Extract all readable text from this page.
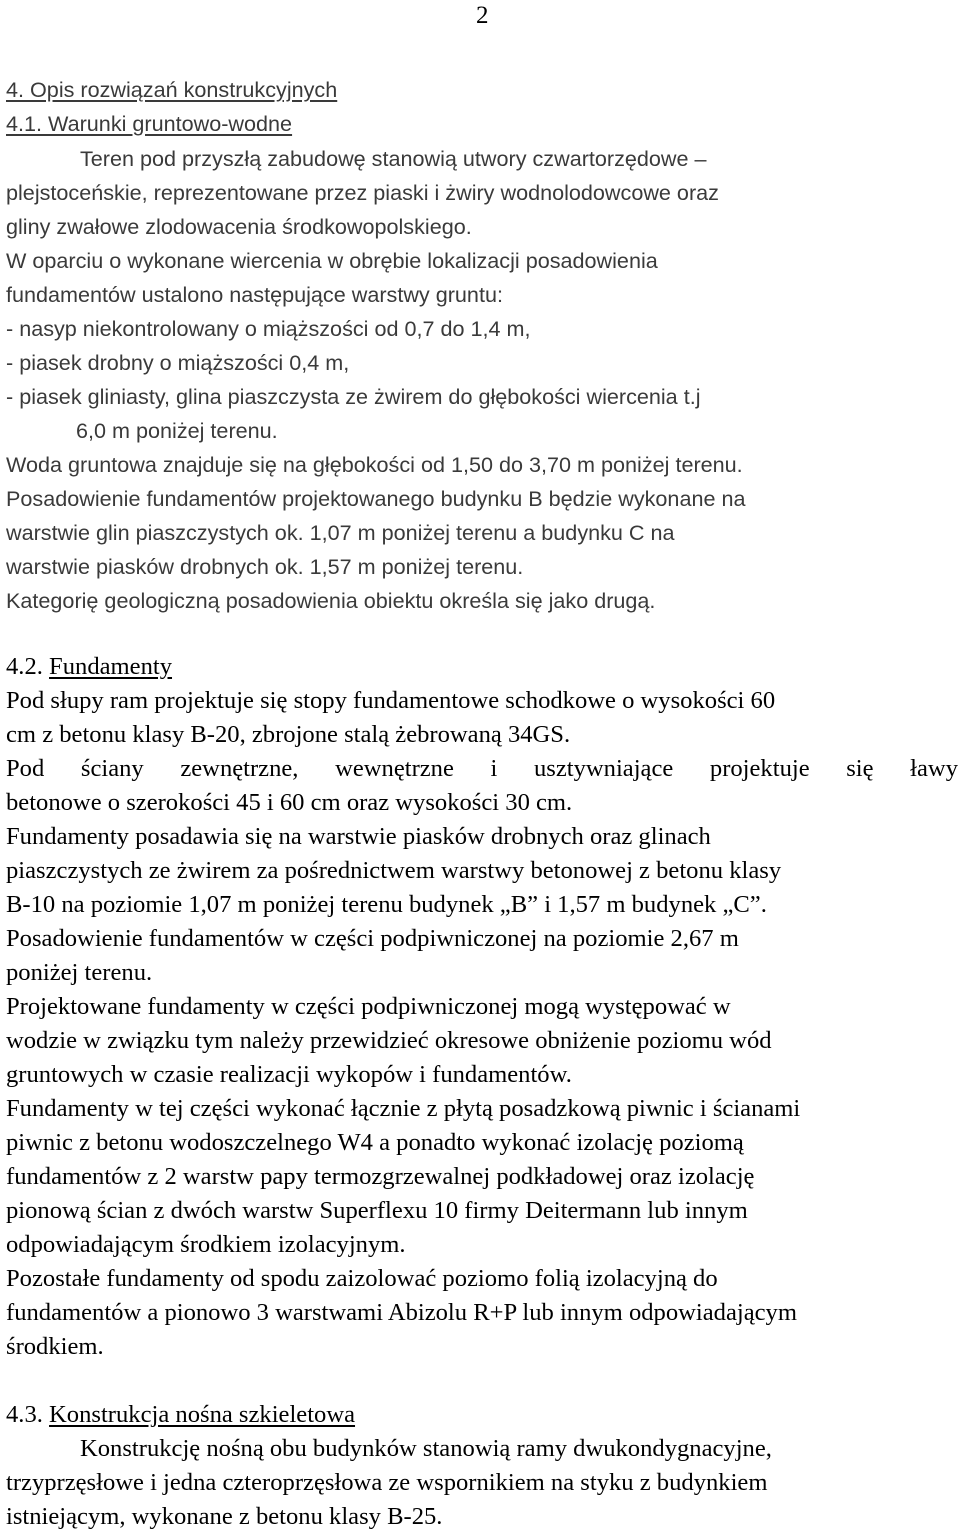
2
4. Opis rozwiązań konstrukcyjnych
4.1. Warunki gruntowo-wodne
Teren pod przyszłą zabudowę stanowią utwory czwartorzędowe –
plejstoceńskie, reprezentowane przez piaski i żwiry wodnolodowcowe oraz
gliny zwałowe zlodowacenia środkowopolskiego.
W oparciu o wykonane wiercenia w obrębie lokalizacji posadowienia
fundamentów ustalono następujące warstwy gruntu:
- nasyp niekontrolowany o miąższości od 0,7 do 1,4 m,
- piasek drobny o miąższości 0,4 m,
- piasek gliniasty, glina piaszczysta ze żwirem do głębokości wiercenia t.j
6,0 m poniżej terenu.
Woda gruntowa znajduje się na głębokości od 1,50 do 3,70 m poniżej terenu.
Posadowienie fundamentów projektowanego budynku B będzie wykonane na
warstwie glin piaszczystych ok. 1,07 m poniżej terenu a budynku C na
warstwie piasków drobnych ok. 1,57 m poniżej terenu.
Kategorię geologiczną posadowienia obiektu określa się jako drugą.
4.2. Fundamenty
Pod słupy ram projektuje się stopy fundamentowe schodkowe o wysokości 60
cm z betonu klasy B-20, zbrojone stalą żebrowaną 34GS.
Pod ściany zewnętrzne, wewnętrzne i usztywniające projektuje się ławy
betonowe o szerokości 45 i 60 cm oraz wysokości 30 cm.
Fundamenty posadawia się na warstwie piasków drobnych oraz glinach
piaszczystych ze żwirem za pośrednictwem warstwy betonowej z betonu klasy
B-10 na poziomie 1,07 m poniżej terenu budynek „B” i 1,57 m budynek „C”.
Posadowienie fundamentów w części podpiwniczonej na poziomie 2,67 m
poniżej terenu.
Projektowane fundamenty w części podpiwniczonej mogą występować w
wodzie w związku tym należy przewidzieć okresowe obniżenie poziomu wód
gruntowych w czasie realizacji wykopów i fundamentów.
Fundamenty w tej części wykonać łącznie z płytą posadzkową piwnic i ścianami
piwnic z betonu wodoszczelnego W4 a ponadto wykonać izolację poziomą
fundamentów z 2 warstw papy termozgrzewalnej podkładowej oraz izolację
pionową ścian z dwóch warstw Superflexu 10 firmy Deitermann lub innym
odpowiadającym środkiem izolacyjnym.
Pozostałe fundamenty od spodu zaizolować poziomo folią izolacyjną do
fundamentów a pionowo 3 warstwami Abizolu R+P lub innym odpowiadającym
środkiem.
4.3. Konstrukcja nośna szkieletowa
Konstrukcję nośną obu budynków stanowią ramy dwukondygnacyjne,
trzyprzęsłowe i jedna czteroprzęsłowa ze wspornikiem na styku z budynkiem
istniejącym, wykonane z betonu klasy B-25.
